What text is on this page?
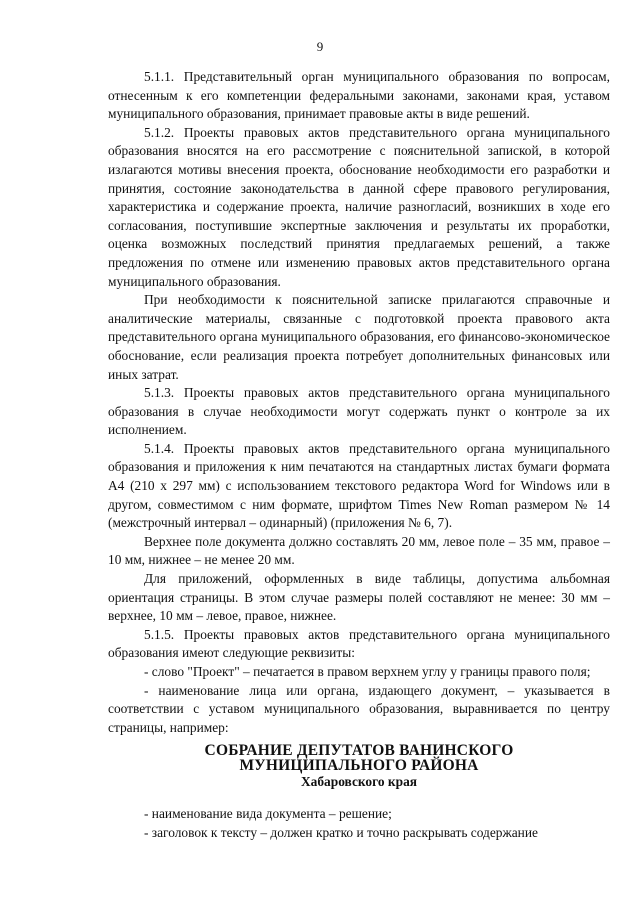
9

5.1.1. Представительный орган муниципального образования по вопросам, отнесенным к его компетенции федеральными законами, законами края, уставом муниципального образования, принимает правовые акты в виде решений.

5.1.2. Проекты правовых актов представительного органа муниципального образования вносятся на его рассмотрение с пояснительной запиской, в которой излагаются мотивы внесения проекта, обоснование необходимости его разработки и принятия, состояние законодательства в данной сфере правового регулирования, характеристика и содержание проекта, наличие разногласий, возникших в ходе его согласования, поступившие экспертные заключения и результаты их проработки, оценка возможных последствий принятия предлагаемых решений, а также предложения по отмене или изменению правовых актов представительного органа муниципального образования.

При необходимости к пояснительной записке прилагаются справочные и аналитические материалы, связанные с подготовкой проекта правового акта представительного органа муниципального образования, его финансово-экономическое обоснование, если реализация проекта потребует дополнительных финансовых или иных затрат.

5.1.3. Проекты правовых актов представительного органа муниципального образования в случае необходимости могут содержать пункт о контроле за их исполнением.

5.1.4. Проекты правовых актов представительного органа муниципального образования и приложения к ним печатаются на стандартных листах бумаги формата А4 (210 х 297 мм) с использованием текстового редактора Word for Windows или в другом, совместимом с ним формате, шрифтом Times New Roman размером № 14 (межстрочный интервал – одинарный) (приложения № 6, 7).

Верхнее поле документа должно составлять 20 мм, левое поле – 35 мм, правое – 10 мм, нижнее – не менее 20 мм.

Для приложений, оформленных в виде таблицы, допустима альбомная ориентация страницы. В этом случае размеры полей составляют не менее: 30 мм – верхнее, 10 мм – левое, правое, нижнее.

5.1.5. Проекты правовых актов представительного органа муниципального образования имеют следующие реквизиты:

- слово "Проект" – печатается в правом верхнем углу у границы правого поля;

- наименование лица или органа, издающего документ, – указывается в соответствии с уставом муниципального образования, выравнивается по центру страницы, например:

СОБРАНИЕ ДЕПУТАТОВ ВАНИНСКОГО
МУНИЦИПАЛЬНОГО РАЙОНА
Хабаровского края

- наименование вида документа – решение;

- заголовок к тексту – должен кратко и точно раскрывать содержание
